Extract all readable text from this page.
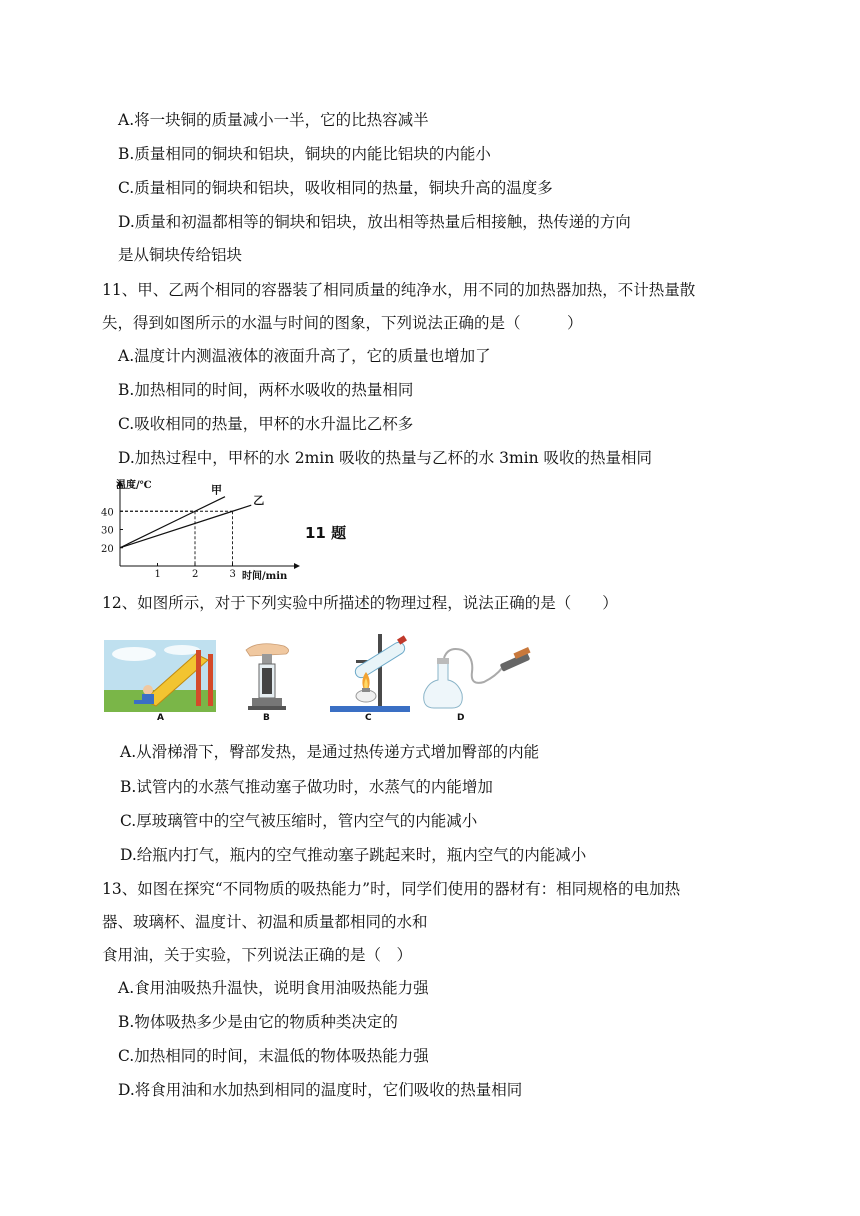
A.将一块铜的质量减小一半，它的比热容减半
B.质量相同的铜块和铝块，铜块的内能比铝块的内能小
C.质量相同的铜块和铝块，吸收相同的热量，铜块升高的温度多
D.质量和初温都相等的铜块和铝块，放出相等热量后相接触，热传递的方向
是从铜块传给铝块
11、甲、乙两个相同的容器装了相同质量的纯净水，用不同的加热器加热，不计热量散
失，得到如图所示的水温与时间的图象，下列说法正确的是（　　　）
A.温度计内测温液体的液面升高了，它的质量也增加了
B.加热相同的时间，两杯水吸收的热量相同
C.吸收相同的热量，甲杯的水升温比乙杯多
D.加热过程中，甲杯的水 2min 吸收的热量与乙杯的水 3min 吸收的热量相同
1	2	3
20
30
40
甲
乙
温度/℃
时间/min
11 题
12、如图所示，对于下列实验中所描述的物理过程，说法正确的是（　　）
A	B	C	D
A.从滑梯滑下，臀部发热，是通过热传递方式增加臀部的内能
B.试管内的水蒸气推动塞子做功时，水蒸气的内能增加
C.厚玻璃管中的空气被压缩时，管内空气的内能减小
D.给瓶内打气，瓶内的空气推动塞子跳起来时，瓶内空气的内能减小
13、如图在探究“不同物质的吸热能力”时，同学们使用的器材有：相同规格的电加热
器、玻璃杯、温度计、初温和质量都相同的水和
食用油，关于实验，下列说法正确的是（　）
A.食用油吸热升温快，说明食用油吸热能力强
B.物体吸热多少是由它的物质种类决定的
C.加热相同的时间，末温低的物体吸热能力强
D.将食用油和水加热到相同的温度时，它们吸收的热量相同
